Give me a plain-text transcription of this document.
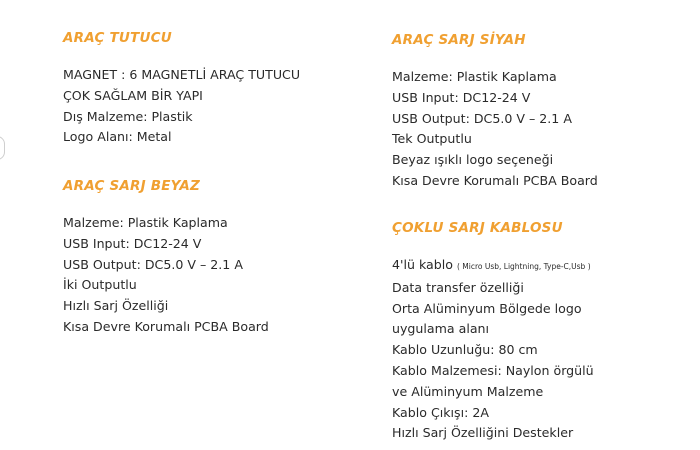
ARAÇ TUTUCU
MAGNET : 6 MAGNETLİ ARAÇ TUTUCU
ÇOK SAĞLAM BİR YAPI
Dış Malzeme: Plastik
Logo Alanı: Metal
ARAÇ SARJ BEYAZ
Malzeme: Plastik Kaplama
USB Input: DC12-24 V
USB Output: DC5.0 V – 2.1 A
İki Outputlu
Hızlı Sarj Özelliği
Kısa Devre Korumalı PCBA Board
ARAÇ SARJ SİYAH
Malzeme: Plastik Kaplama
USB Input: DC12-24 V
USB Output: DC5.0 V – 2.1 A
Tek Outputlu
Beyaz ışıklı logo seçeneği
Kısa Devre Korumalı PCBA Board
ÇOKLU SARJ KABLOSU
4'lü kablo ( Micro Usb, Lightning, Type-C,Usb )
Data transfer özelliği
Orta Alüminyum Bölgede logo
uygulama alanı
Kablo Uzunluğu: 80 cm
Kablo Malzemesi: Naylon örgülü
ve Alüminyum Malzeme
Kablo Çıkışı: 2A
Hızlı Sarj Özelliğini Destekler
